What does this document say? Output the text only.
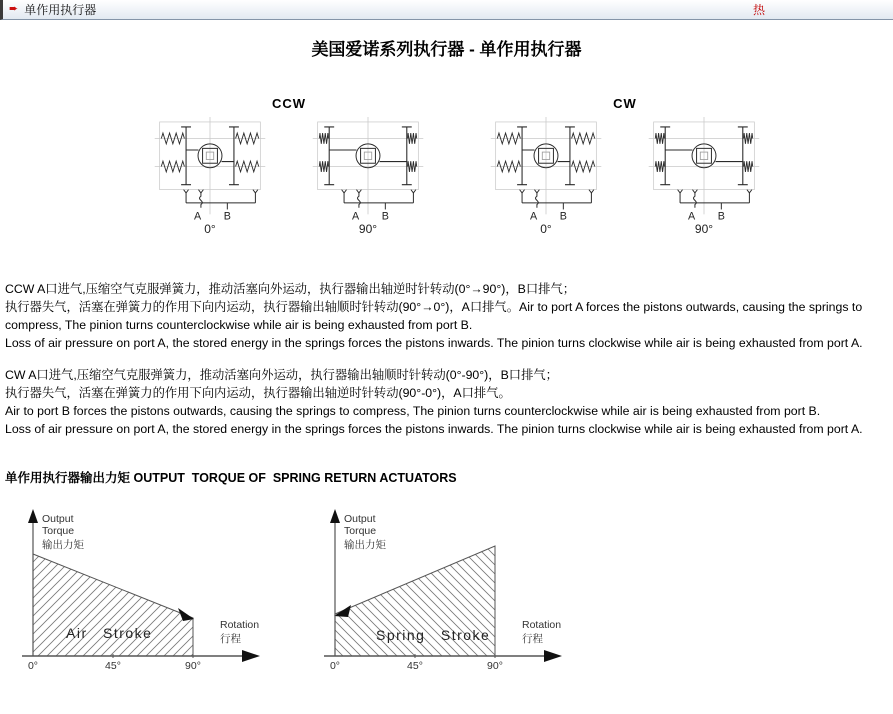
➨ 单作用执行器	热
美国爱诺系列执行器 - 单作用执行器
CCW
A B
0°
A B
90°
CW
A B
0°
A B
90°
CCW A口进气,压缩空气克服弹簧力，推动活塞向外运动，执行器输出轴逆时针转动(0°→90°)，B口排气；
执行器失气，活塞在弹簧力的作用下向内运动，执行器输出轴顺时针转动(90°→0°)，A口排气。Air to port A forces the pistons outwards, causing the springs to compress, The pinion turns counterclockwise while air is being exhausted from port B.
Loss of air pressure on port A, the stored energy in the springs forces the pistons inwards. The pinion turns clockwise while air is being exhausted from port A.
CW A口进气,压缩空气克服弹簧力，推动活塞向外运动，执行器输出轴顺时针转动(0°-90°)，B口排气；
执行器失气，活塞在弹簧力的作用下向内运动，执行器输出轴逆时针转动(90°-0°)，A口排气。
Air to port B forces the pistons outwards, causing the springs to compress, The pinion turns counterclockwise while air is being exhausted from port B.
Loss of air pressure on port A, the stored energy in the springs forces the pistons inwards. The pinion turns clockwise while air is being exhausted from port A.
单作用执行器输出力矩 OUTPUT  TORQUE OF  SPRING RETURN ACTUATORS
Output
Torque
输出力矩
0°	45°	90°
Rotation
行程
Air Stroke
Output
Torque
输出力矩
0°	45°	90°
Rotation
行程
Spring Stroke
